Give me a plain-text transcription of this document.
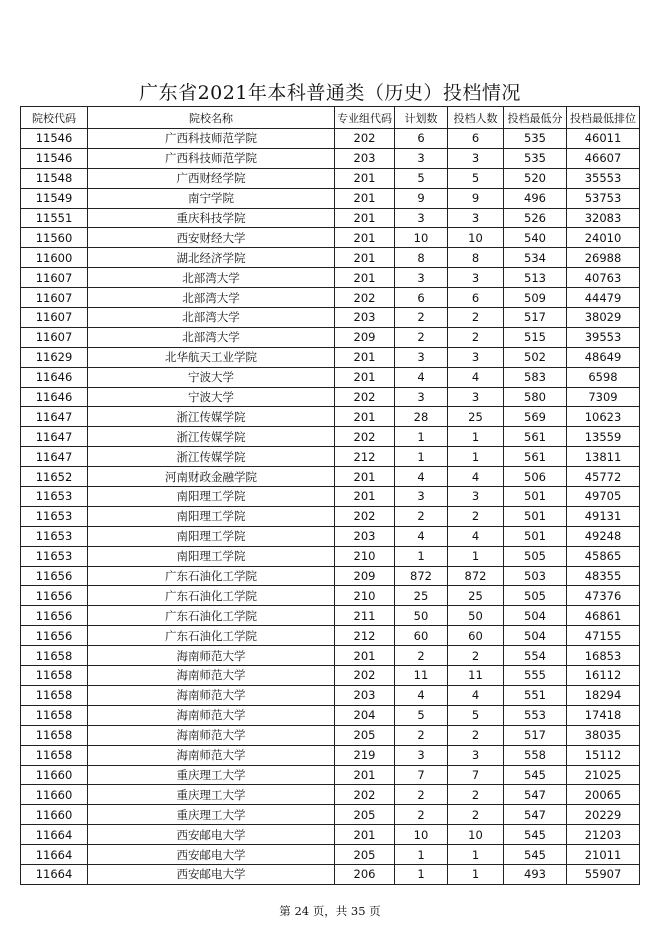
广东省2021年本科普通类（历史）投档情况
院校代码	院校名称	专业组代码	计划数	投档人数	投档最低分	投档最低排位
11546	广西科技师范学院	202	6	6	535	46011
11546	广西科技师范学院	203	3	3	535	46607
11548	广西财经学院	201	5	5	520	35553
11549	南宁学院	201	9	9	496	53753
11551	重庆科技学院	201	3	3	526	32083
11560	西安财经大学	201	10	10	540	24010
11600	湖北经济学院	201	8	8	534	26988
11607	北部湾大学	201	3	3	513	40763
11607	北部湾大学	202	6	6	509	44479
11607	北部湾大学	203	2	2	517	38029
11607	北部湾大学	209	2	2	515	39553
11629	北华航天工业学院	201	3	3	502	48649
11646	宁波大学	201	4	4	583	6598
11646	宁波大学	202	3	3	580	7309
11647	浙江传媒学院	201	28	25	569	10623
11647	浙江传媒学院	202	1	1	561	13559
11647	浙江传媒学院	212	1	1	561	13811
11652	河南财政金融学院	201	4	4	506	45772
11653	南阳理工学院	201	3	3	501	49705
11653	南阳理工学院	202	2	2	501	49131
11653	南阳理工学院	203	4	4	501	49248
11653	南阳理工学院	210	1	1	505	45865
11656	广东石油化工学院	209	872	872	503	48355
11656	广东石油化工学院	210	25	25	505	47376
11656	广东石油化工学院	211	50	50	504	46861
11656	广东石油化工学院	212	60	60	504	47155
11658	海南师范大学	201	2	2	554	16853
11658	海南师范大学	202	11	11	555	16112
11658	海南师范大学	203	4	4	551	18294
11658	海南师范大学	204	5	5	553	17418
11658	海南师范大学	205	2	2	517	38035
11658	海南师范大学	219	3	3	558	15112
11660	重庆理工大学	201	7	7	545	21025
11660	重庆理工大学	202	2	2	547	20065
11660	重庆理工大学	205	2	2	547	20229
11664	西安邮电大学	201	10	10	545	21203
11664	西安邮电大学	205	1	1	545	21011
11664	西安邮电大学	206	1	1	493	55907
第 24 页，共 35 页
